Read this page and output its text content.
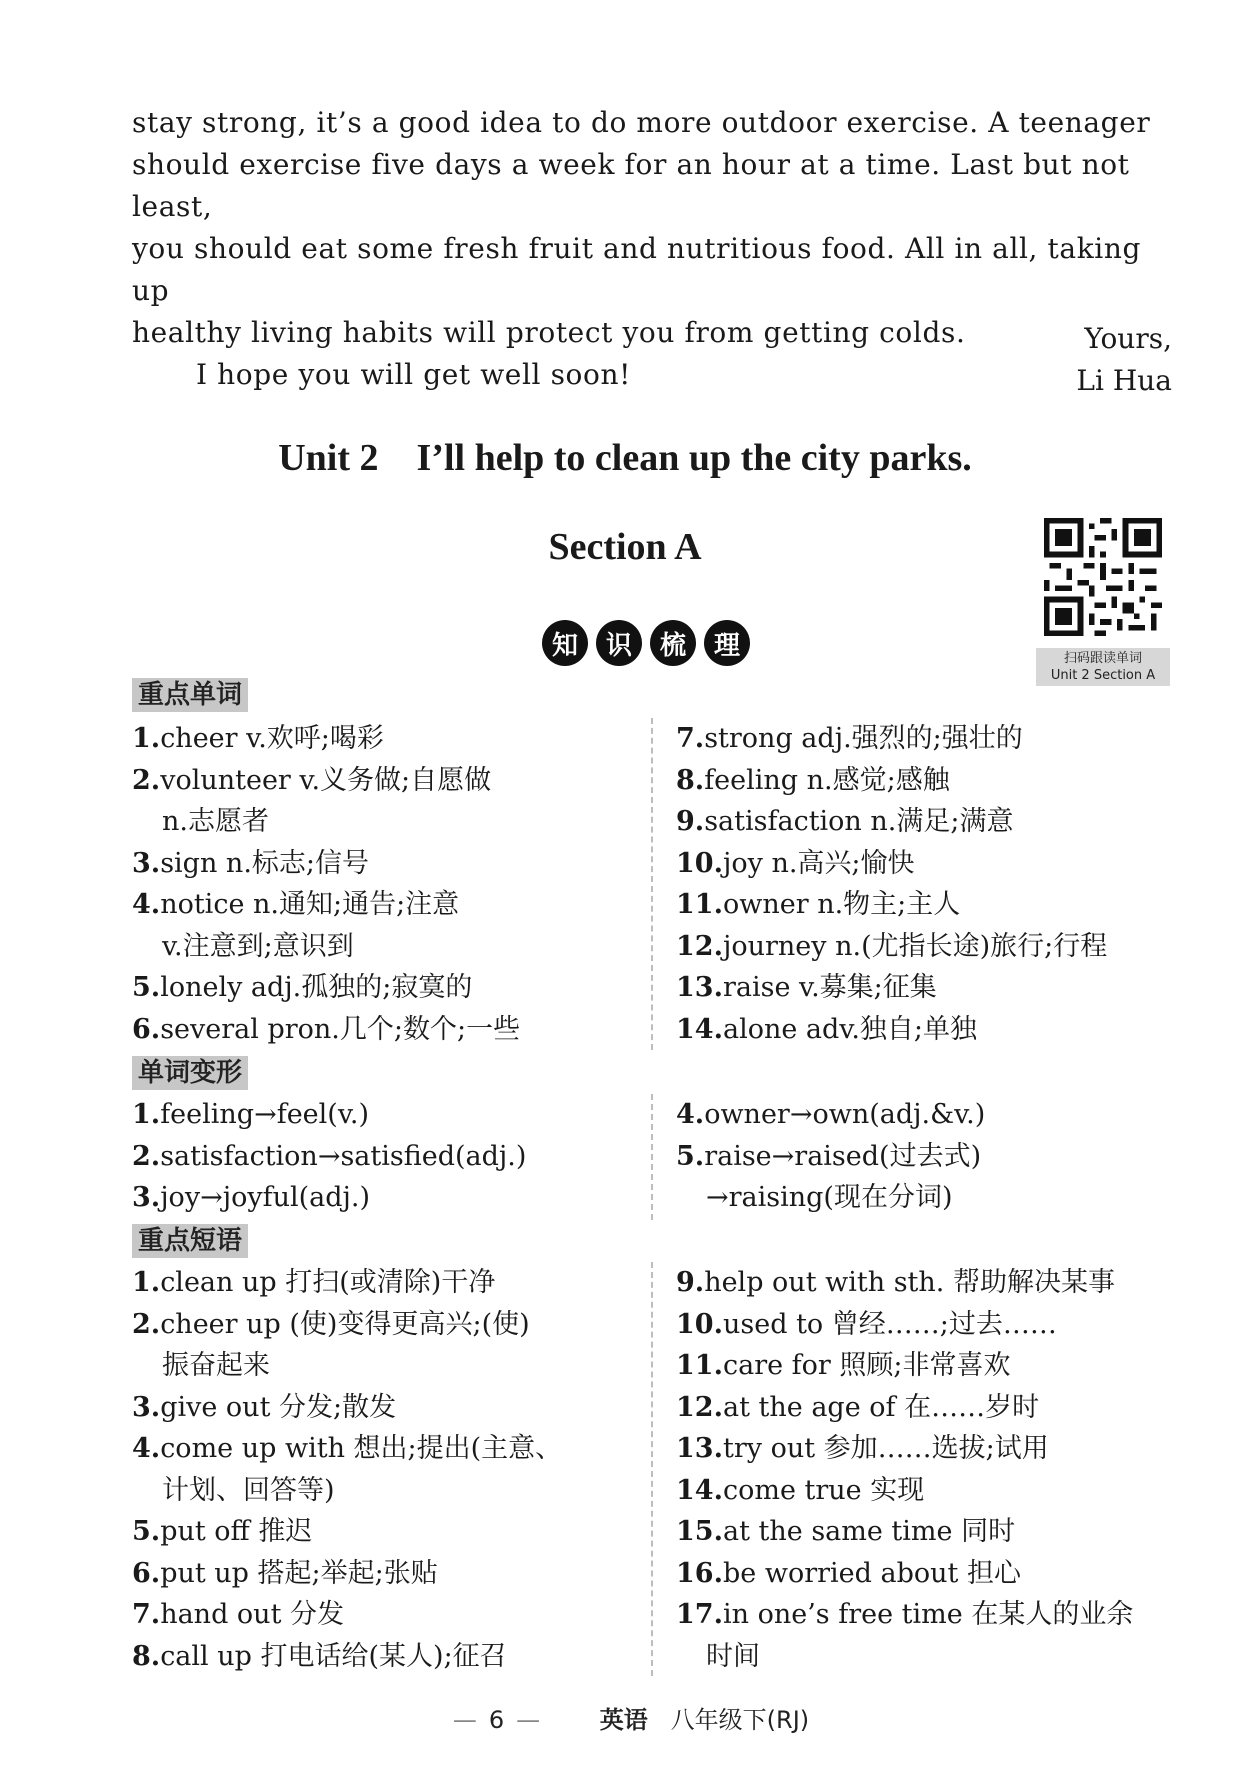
stay strong, it’s a good idea to do more outdoor exercise. A teenager

should exercise five days a week for an hour at a time. Last but not least,

you should eat some fresh fruit and nutritious food. All in all, taking up

healthy living habits will protect you from getting colds.

I hope you will get well soon!

Yours,
Li Hua
Unit 2    I’ll help to clean up the city parks.
Section A
扫码跟读单词
Unit 2 Section A
知	识	梳	理
重点单词
1.cheer v.欢呼;喝彩
2.volunteer v.义务做;自愿做
n.志愿者
3.sign n.标志;信号
4.notice n.通知;通告;注意
v.注意到;意识到
5.lonely adj.孤独的;寂寞的
6.several pron.几个;数个;一些
7.strong adj.强烈的;强壮的
8.feeling n.感觉;感触
9.satisfaction n.满足;满意
10.joy n.高兴;愉快
11.owner n.物主;主人
12.journey n.(尤指长途)旅行;行程
13.raise v.募集;征集
14.alone adv.独自;单独
单词变形
1.feeling→feel(v.)
2.satisfaction→satisfied(adj.)
3.joy→joyful(adj.)
4.owner→own(adj.&v.)
5.raise→raised(过去式)
→raising(现在分词)
重点短语
1.clean up 打扫(或清除)干净
2.cheer up (使)变得更高兴;(使)
振奋起来
3.give out 分发;散发
4.come up with 想出;提出(主意、
计划、回答等)
5.put off 推迟
6.put up 搭起;举起;张贴
7.hand out 分发
8.call up 打电话给(某人);征召
9.help out with sth. 帮助解决某事
10.used to 曾经……;过去……
11.care for 照顾;非常喜欢
12.at the age of 在……岁时
13.try out 参加……选拔;试用
14.come true 实现
15.at the same time 同时
16.be worried about 担心
17.in one’s free time 在某人的业余
时间
— 6 — 英语 八年级下(RJ)
